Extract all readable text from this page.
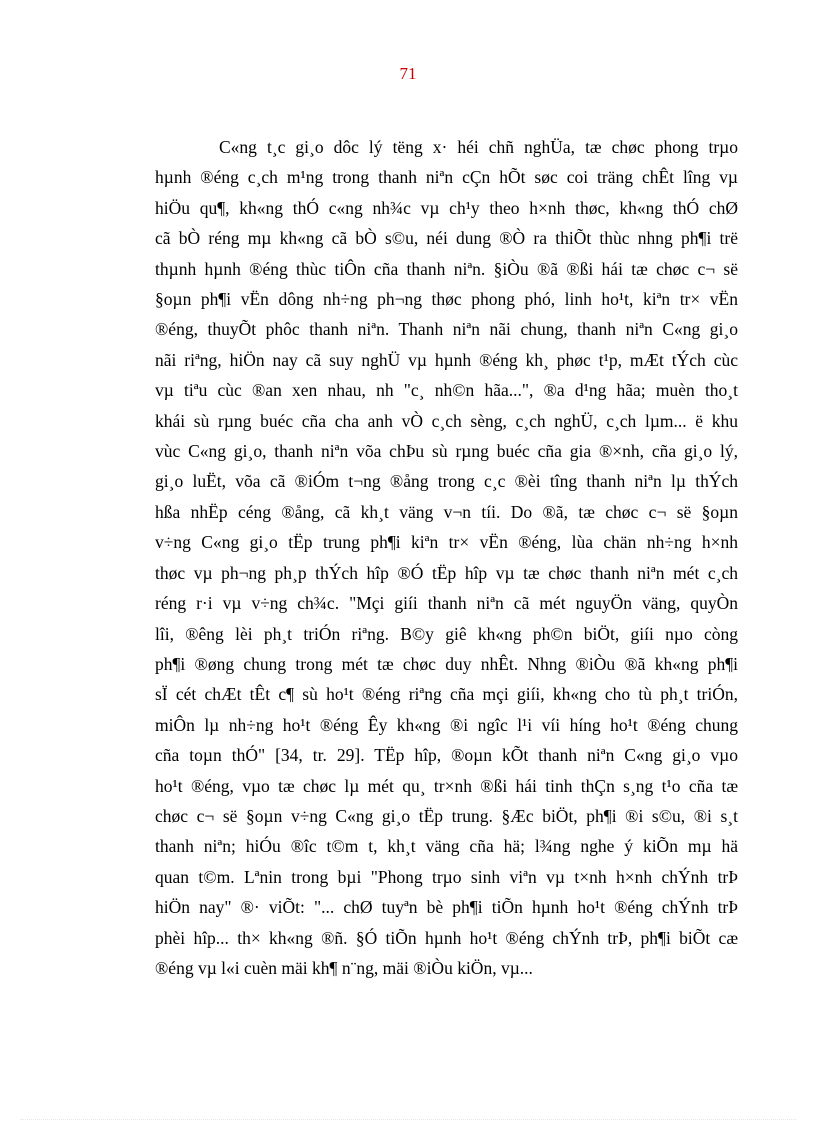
71
C«ng t¸c gi¸o dôc lý tëng x· héi chñ nghÜa, tæ chøc phong trµo
hµnh ®éng c¸ch m¹ng trong thanh niªn cÇn hÕt søc coi träng chÊt lîng vµ
hiÖu qu¶, kh«ng thÓ c«ng nh¾c vµ ch¹y theo h×nh thøc, kh«ng thÓ chØ
cã bÒ réng mµ kh«ng cã bÒ s©u, néi dung ®Ò ra thiÕt thùc nhng ph¶i trë
thµnh hµnh ®éng thùc tiÔn cña thanh niªn. §iÒu ®ã ®ßi hái tæ chøc c¬ së
§oµn ph¶i vËn dông nh÷ng ph¬ng thøc phong phó, linh ho¹t, kiªn tr× vËn
®éng, thuyÕt phôc thanh niªn. Thanh niªn nãi chung, thanh niªn C«ng gi¸o
nãi riªng, hiÖn nay cã suy nghÜ vµ hµnh ®éng kh¸ phøc t¹p, mÆt tÝch cùc
vµ tiªu cùc ®an xen nhau, nh "c¸ nh©n hãa...", ®a d¹ng hãa; muèn tho¸t
khái sù rµng buéc cña cha anh vÒ c¸ch sèng, c¸ch nghÜ, c¸ch lµm... ë khu
vùc C«ng gi¸o, thanh niªn võa chÞu sù rµng buéc cña gia ®×nh, cña gi¸o lý,
gi¸o luËt, võa cã ®iÓm t¬ng ®ång trong c¸c ®èi tîng thanh niªn lµ thÝch
hßa nhËp céng ®ång, cã kh¸t väng v¬n tíi. Do ®ã, tæ chøc c¬ së §oµn
v÷ng C«ng gi¸o tËp trung ph¶i kiªn tr× vËn ®éng, lùa chän nh÷ng h×nh
thøc vµ ph¬ng ph¸p thÝch hîp ®Ó tËp hîp vµ tæ chøc thanh niªn mét c¸ch
réng r·i vµ v÷ng ch¾c. "Mçi giíi thanh niªn cã mét nguyÖn väng, quyÒn
lîi, ®êng lèi ph¸t triÓn riªng. B©y giê kh«ng ph©n biÖt, giíi nµo còng
ph¶i ®øng chung trong mét tæ chøc duy nhÊt. Nhng ®iÒu ®ã kh«ng ph¶i
sÏ cét chÆt tÊt c¶ sù ho¹t ®éng riªng cña mçi giíi, kh«ng cho tù ph¸t triÓn,
miÔn lµ nh÷ng ho¹t ®éng Êy kh«ng ®i ngîc l¹i víi híng ho¹t ®éng chung
cña toµn thÓ" [34, tr. 29]. TËp hîp, ®oµn kÕt thanh niªn C«ng gi¸o vµo
ho¹t ®éng, vµo tæ chøc lµ mét qu¸ tr×nh ®ßi hái tinh thÇn s¸ng t¹o cña tæ
chøc c¬ së §oµn v÷ng C«ng gi¸o tËp trung. §Æc biÖt, ph¶i ®i s©u, ®i s¸t
thanh niªn; hiÓu ®îc t©m t, kh¸t väng cña hä; l¾ng nghe ý kiÕn mµ hä
quan t©m. Lªnin trong bµi "Phong trµo sinh viªn vµ t×nh h×nh chÝnh trÞ
hiÖn nay" ®· viÕt: "... chØ tuyªn bè ph¶i tiÕn hµnh ho¹t ®éng chÝnh trÞ
phèi hîp... th× kh«ng ®ñ. §Ó tiÕn hµnh ho¹t ®éng chÝnh trÞ, ph¶i biÕt cæ
®éng vµ l«i cuèn mäi kh¶ n¨ng, mäi ®iÒu kiÖn, vµ...
